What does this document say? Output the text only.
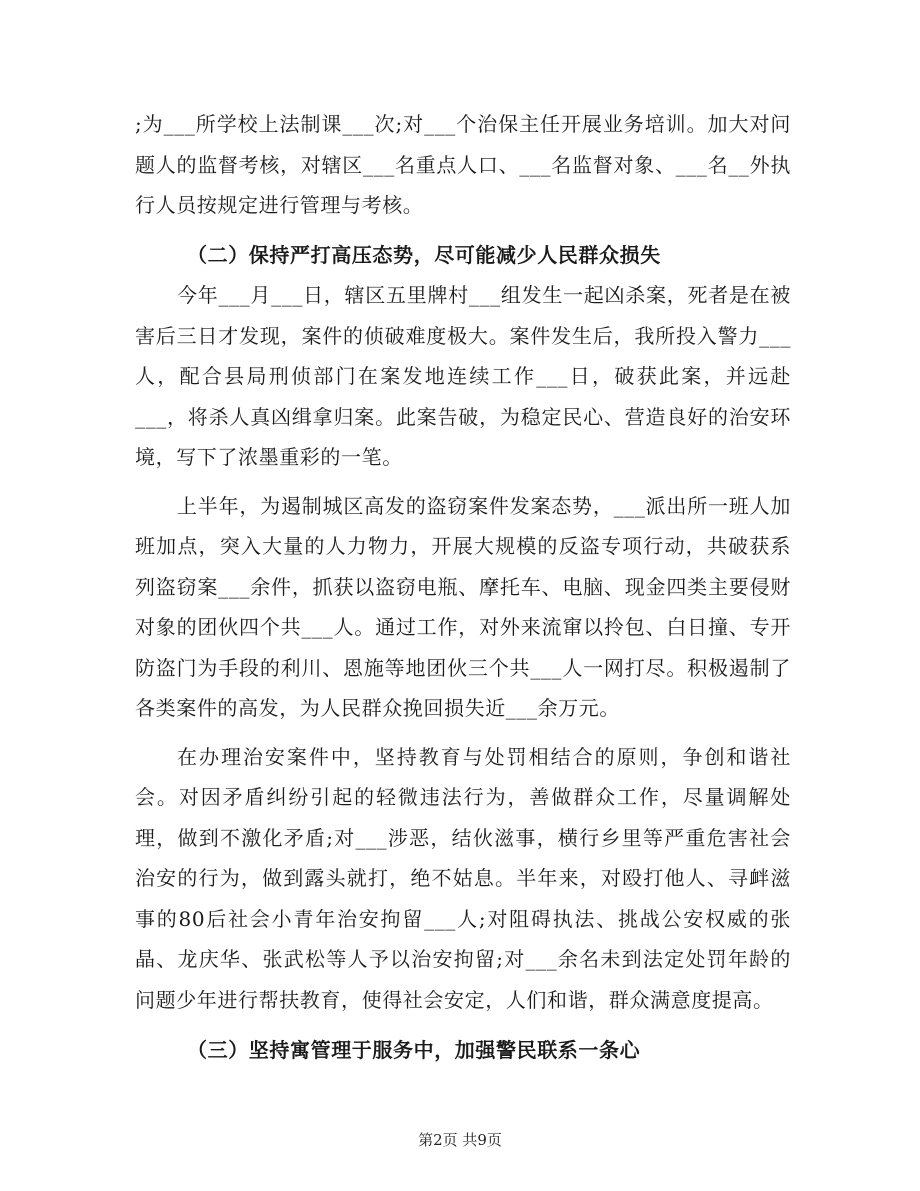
;为___所学校上法制课___次;对___个治保主任开展业务培训。加大对问题人的监督考核，对辖区___名重点人口、___名监督对象、___名__外执行人员按规定进行管理与考核。

（二）保持严打高压态势，尽可能减少人民群众损失

今年___月___日，辖区五里牌村___组发生一起凶杀案，死者是在被害后三日才发现，案件的侦破难度极大。案件发生后，我所投入警力___人，配合县局刑侦部门在案发地连续工作___日，破获此案，并远赴___，将杀人真凶缉拿归案。此案告破，为稳定民心、营造良好的治安环境，写下了浓墨重彩的一笔。

上半年，为遏制城区高发的盗窃案件发案态势，___派出所一班人加班加点，突入大量的人力物力，开展大规模的反盗专项行动，共破获系列盗窃案___余件，抓获以盗窃电瓶、摩托车、电脑、现金四类主要侵财对象的团伙四个共___人。通过工作，对外来流窜以拎包、白日撞、专开防盗门为手段的利川、恩施等地团伙三个共___人一网打尽。积极遏制了各类案件的高发，为人民群众挽回损失近___余万元。

在办理治安案件中，坚持教育与处罚相结合的原则，争创和谐社会。对因矛盾纠纷引起的轻微违法行为，善做群众工作，尽量调解处理，做到不激化矛盾;对___涉恶，结伙滋事，横行乡里等严重危害社会治安的行为，做到露头就打，绝不姑息。半年来，对殴打他人、寻衅滋事的80后社会小青年治安拘留___人;对阻碍执法、挑战公安权威的张晶、龙庆华、张武松等人予以治安拘留;对___余名未到法定处罚年龄的问题少年进行帮扶教育，使得社会安定，人们和谐，群众满意度提高。

（三）坚持寓管理于服务中，加强警民联系一条心

第2页 共9页
